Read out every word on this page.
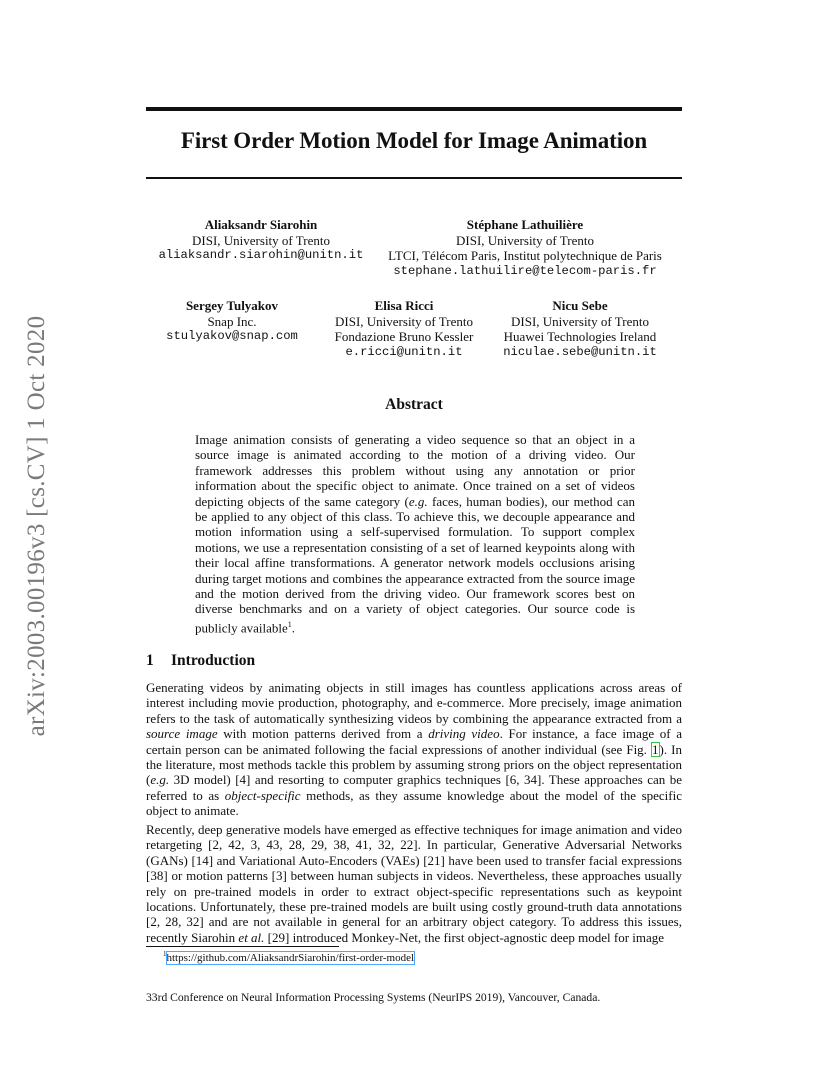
First Order Motion Model for Image Animation
arXiv:2003.00196v3 [cs.CV] 1 Oct 2020
Aliaksandr Siarohin
DISI, University of Trento
aliaksandr.siarohin@unitn.it
Stéphane Lathuilière
DISI, University of Trento
LTCI, Télécom Paris, Institut polytechnique de Paris
stephane.lathuilire@telecom-paris.fr
Sergey Tulyakov
Snap Inc.
stulyakov@snap.com
Elisa Ricci
DISI, University of Trento
Fondazione Bruno Kessler
e.ricci@unitn.it
Nicu Sebe
DISI, University of Trento
Huawei Technologies Ireland
niculae.sebe@unitn.it
Abstract
Image animation consists of generating a video sequence so that an object in a source image is animated according to the motion of a driving video. Our framework addresses this problem without using any annotation or prior information about the specific object to animate. Once trained on a set of videos depicting objects of the same category (e.g. faces, human bodies), our method can be applied to any object of this class. To achieve this, we decouple appearance and motion information using a self-supervised formulation. To support complex motions, we use a representation consisting of a set of learned keypoints along with their local affine transformations. A generator network models occlusions arising during target motions and combines the appearance extracted from the source image and the motion derived from the driving video. Our framework scores best on diverse benchmarks and on a variety of object categories. Our source code is publicly available$^1$.
1 Introduction
Generating videos by animating objects in still images has countless applications across areas of interest including movie production, photography, and e-commerce. More precisely, image animation refers to the task of automatically synthesizing videos by combining the appearance extracted from a source image with motion patterns derived from a driving video. For instance, a face image of a certain person can be animated following the facial expressions of another individual (see Fig. 1). In the literature, most methods tackle this problem by assuming strong priors on the object representation (e.g. 3D model) [4] and resorting to computer graphics techniques [6, 34]. These approaches can be referred to as object-specific methods, as they assume knowledge about the model of the specific object to animate.
Recently, deep generative models have emerged as effective techniques for image animation and video retargeting [2, 42, 3, 43, 28, 29, 38, 41, 32, 22]. In particular, Generative Adversarial Networks (GANs) [14] and Variational Auto-Encoders (VAEs) [21] have been used to transfer facial expressions [38] or motion patterns [3] between human subjects in videos. Nevertheless, these approaches usually rely on pre-trained models in order to extract object-specific representations such as keypoint locations. Unfortunately, these pre-trained models are built using costly ground-truth data annotations [2, 28, 32] and are not available in general for an arbitrary object category. To address this issues, recently Siarohin et al. [29] introduced Monkey-Net, the first object-agnostic deep model for image
$^1$https://github.com/AliaksandrSiarohin/first-order-model
33rd Conference on Neural Information Processing Systems (NeurIPS 2019), Vancouver, Canada.
